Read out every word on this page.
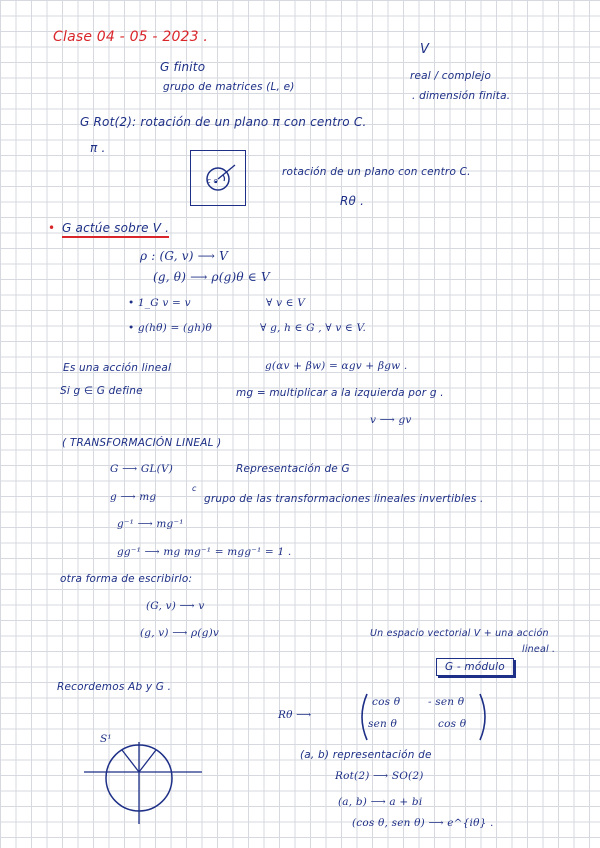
Clase 04 - 05 - 2023 .
V
G finito
grupo de matrices (L, e)
real / complejo
. dimensión finita.
G Rot(2): rotación de un plano π con centro C.
π .
c o
rotación de un plano con centro C.
Rθ .
• G actúe sobre V .
ρ : (G, v) ⟶ V
(g, θ) ⟶ ρ(g)θ ∈ V
• 1_G v = v	∀ v ∈ V
• g(hθ) = (gh)θ	∀ g, h ∈ G , ∀ v ∈ V.
Es una acción lineal	g(αv + βw) = αgv + βgw .
Si g ∈ G define	mg = multiplicar a la izquierda por g .
v ⟶ gv
( TRANSFORMACIÓN LINEAL )
G ⟶ GL(V)	Representación de G
g ⟶ mg
c
grupo de las transformaciones lineales invertibles .
g⁻¹ ⟶ mg⁻¹
gg⁻¹ ⟶ mg mg⁻¹ = mgg⁻¹ = 1 .
otra forma de escribirlo:
(G, v) ⟶ v
(g, v) ⟶ ρ(g)v	Un espacio vectorial V + una acción
lineal .
G - módulo
Recordemos Ab y G .
S¹
Rθ ⟶
cos θ	- sen θ
sen θ	cos θ
(a, b) representación de
Rot(2) ⟶ SO(2)
(a, b) ⟶ a + bi
(cos θ, sen θ) ⟶ e^{iθ} .
